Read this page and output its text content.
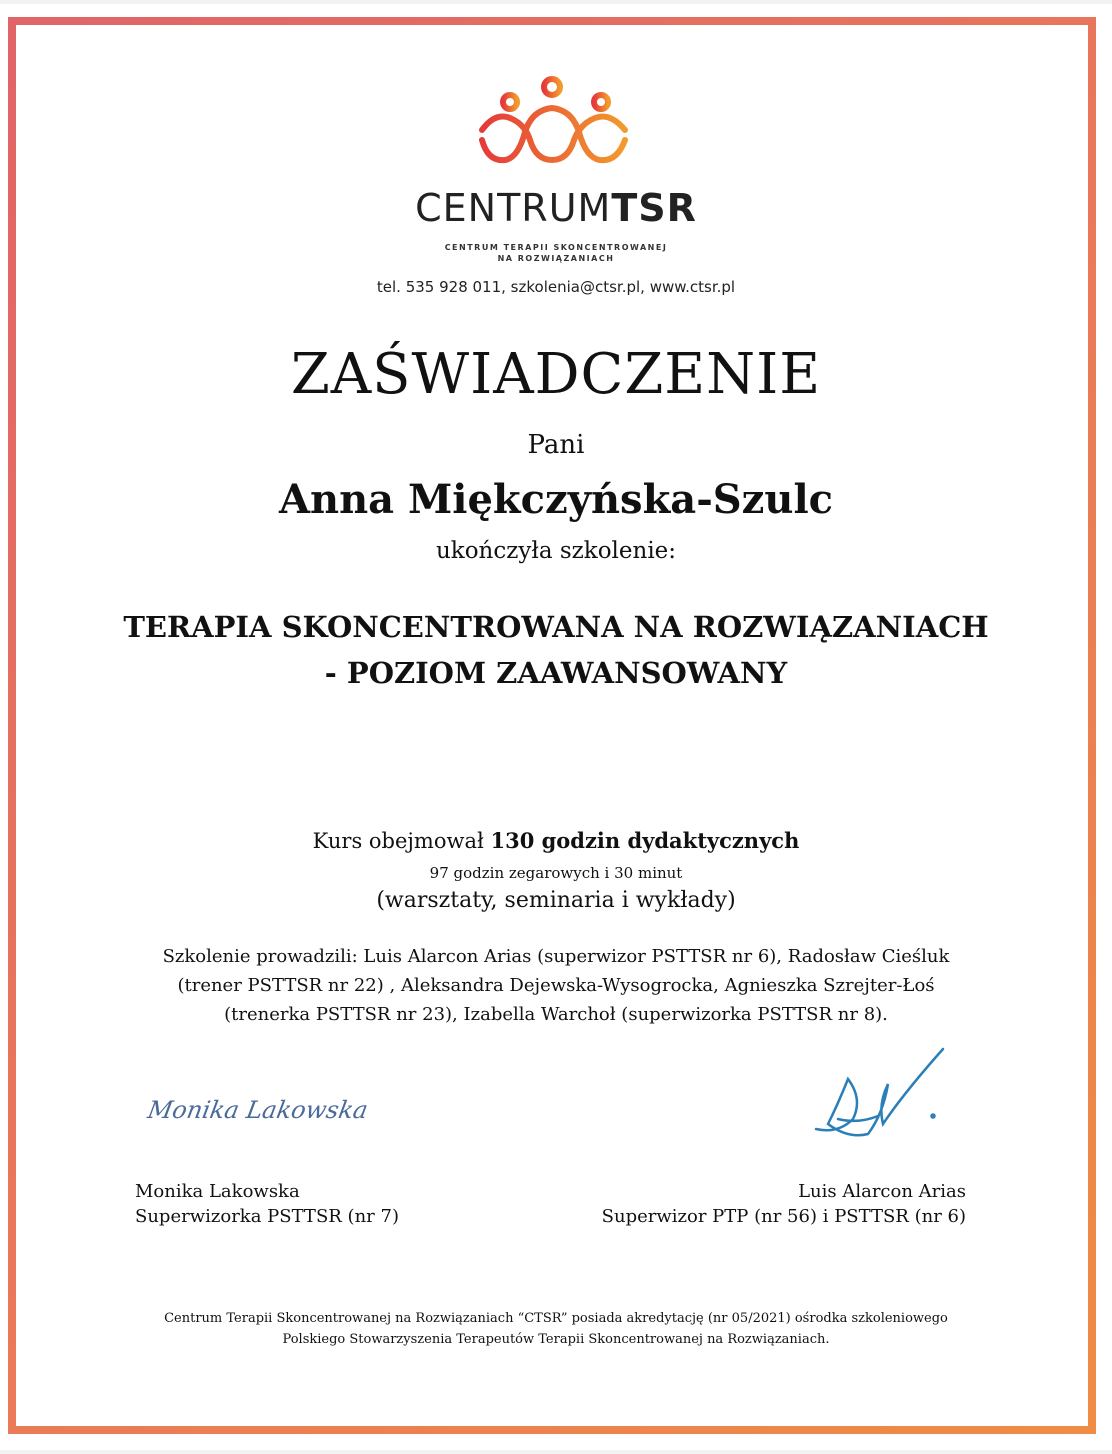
CENTRUMTSR
CENTRUM TERAPII SKONCENTROWANEJ
NA ROZWIĄZANIACH
tel. 535 928 011, szkolenia@ctsr.pl, www.ctsr.pl
ZAŚWIADCZENIE
Pani
Anna Miękczyńska-Szulc
ukończyła szkolenie:
TERAPIA SKONCENTROWANA NA ROZWIĄZANIACH
- POZIOM ZAAWANSOWANY
Kurs obejmował 130 godzin dydaktycznych
97 godzin zegarowych i 30 minut
(warsztaty, seminaria i wykłady)
Szkolenie prowadzili: Luis Alarcon Arias (superwizor PSTTSR nr 6), Radosław Cieśluk
(trener PSTTSR nr 22) , Aleksandra Dejewska-Wysogrocka, Agnieszka Szrejter-Łoś
(trenerka PSTTSR nr 23), Izabella Warchoł (superwizorka PSTTSR nr 8).
Monika Lakowska
Monika Lakowska
Superwizorka PSTTSR (nr 7)
Luis Alarcon Arias
Superwizor PTP (nr 56) i PSTTSR (nr 6)
Centrum Terapii Skoncentrowanej na Rozwiązaniach “CTSR” posiada akredytację (nr 05/2021) ośrodka szkoleniowego
Polskiego Stowarzyszenia Terapeutów Terapii Skoncentrowanej na Rozwiązaniach.
